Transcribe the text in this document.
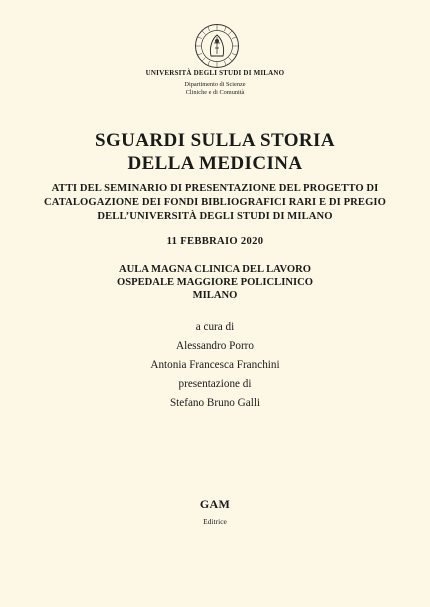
UNIVERSITÀ DEGLI STUDI DI MILANO
Dipartimento di Scienze
Cliniche e di Comunità
SGUARDI SULLA STORIA
DELLA MEDICINA
ATTI DEL SEMINARIO DI PRESENTAZIONE DEL PROGETTO DI
CATALOGAZIONE DEI FONDI BIBLIOGRAFICI RARI E DI PREGIO
DELL’UNIVERSITÀ DEGLI STUDI DI MILANO
11 FEBBRAIO 2020
AULA MAGNA CLINICA DEL LAVORO
OSPEDALE MAGGIORE POLICLINICO
MILANO
a cura di
Alessandro Porro
Antonia Francesca Franchini
presentazione di
Stefano Bruno Galli
GAM
Editrice
